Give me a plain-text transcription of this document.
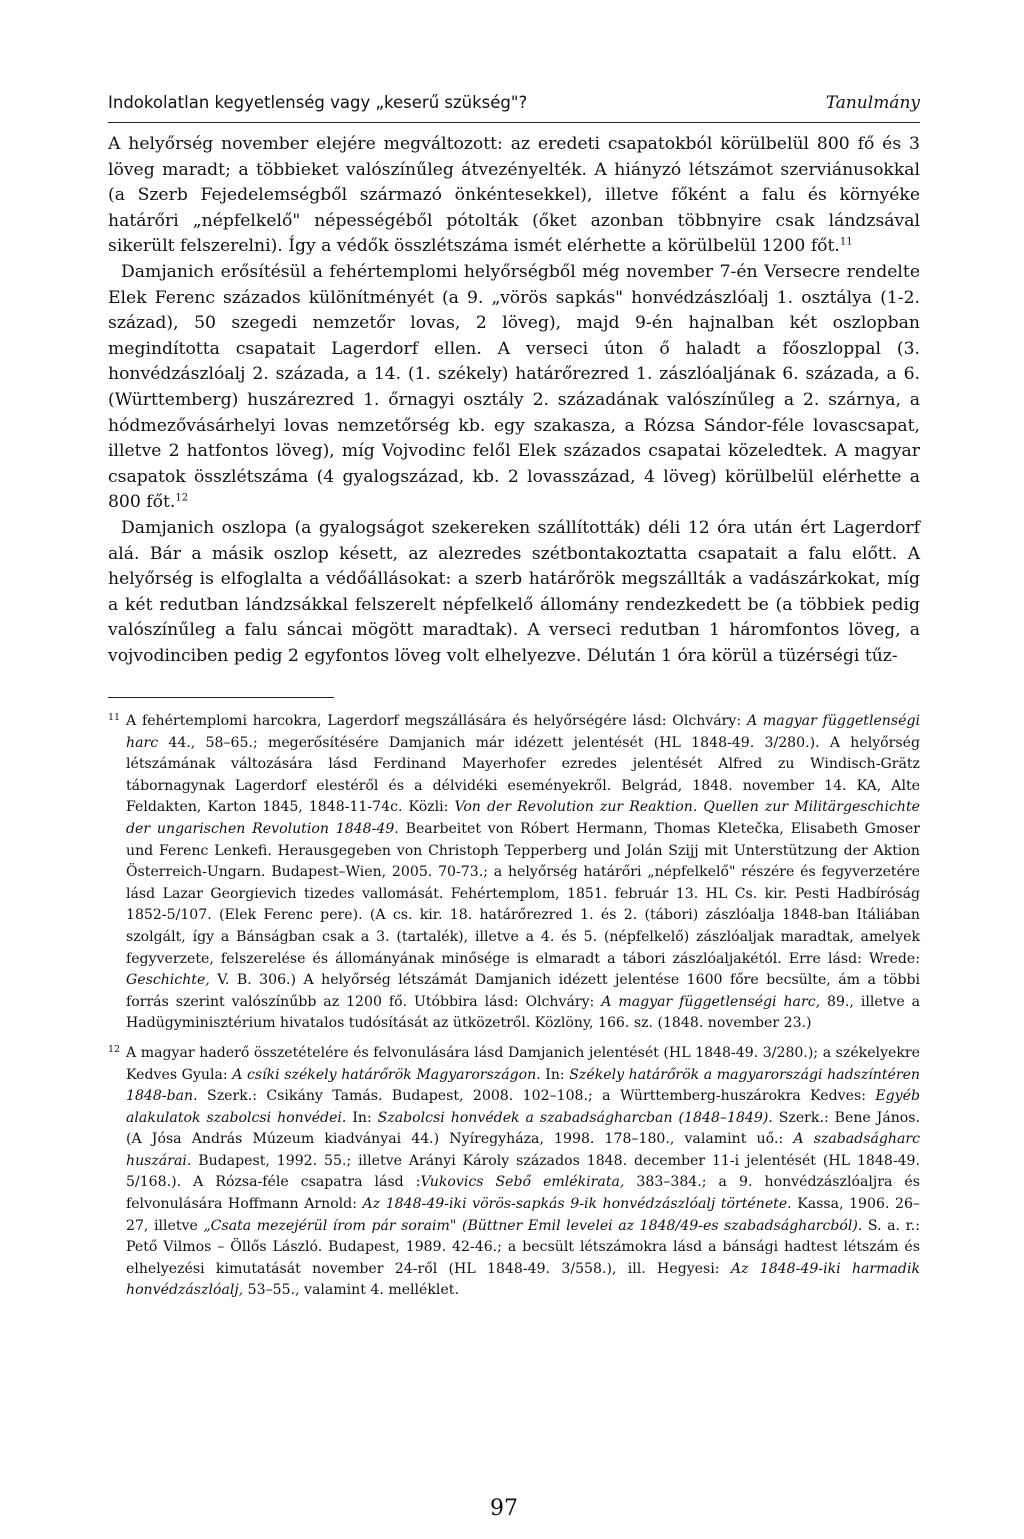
Indokolatlan kegyetlenség vagy „keserű szükség"?	Tanulmány

A helyőrség november elejére megváltozott: az eredeti csapatokból körülbelül 800 fő és 3 löveg maradt; a többieket valószínűleg átvezényelték. A hiányzó létszámot szerviánusokkal (a Szerb Fejedelemségből származó önkéntesekkel), illetve főként a falu és környéke határőri „népfelkelő" népességéből pótolták (őket azonban többnyire csak lándzsával sikerült felszerelni). Így a védők összlétszáma ismét elérhette a körülbelül 1200 főt.$^{11}$

Damjanich erősítésül a fehértemplomi helyőrségből még november 7-én Versecre rendelte Elek Ferenc százados különítményét (a 9. „vörös sapkás" honvédzászlóalj 1. osztálya (1-2. század), 50 szegedi nemzetőr lovas, 2 löveg), majd 9-én hajnalban két oszlopban megindította csapatait Lagerdorf ellen. A verseci úton ő haladt a főoszloppal (3. honvédzászlóalj 2. százada, a 14. (1. székely) határőrezred 1. zászlóaljának 6. százada, a 6. (Württemberg) huszárezred 1. őrnagyi osztály 2. századának valószínűleg a 2. szárnya, a hódmezővásárhelyi lovas nemzetőrség kb. egy szakasza, a Rózsa Sándor-féle lovascsapat, illetve 2 hatfontos löveg), míg Vojvodinc felől Elek százados csapatai közeledtek. A magyar csapatok összlétszáma (4 gyalogszázad, kb. 2 lovasszázad, 4 löveg) körülbelül elérhette a 800 főt.$^{12}$

Damjanich oszlopa (a gyalogságot szekereken szállították) déli 12 óra után ért Lagerdorf alá. Bár a másik oszlop késett, az alezredes szétbontakoztatta csapatait a falu előtt. A helyőrség is elfoglalta a védőállásokat: a szerb határőrök megszállták a vadászárkokat, míg a két redutban lándzsákkal felszerelt népfelkelő állomány rendezkedett be (a többiek pedig valószínűleg a falu sáncai mögött maradtak). A verseci redutban 1 háromfontos löveg, a vojvodinciben pedig 2 egyfontos löveg volt elhelyezve. Délután 1 óra körül a tüzérségi tűz-

11 A fehértemplomi harcokra, Lagerdorf megszállására és helyőrségére lásd: Olchváry: A magyar függetlenségi harc 44., 58–65.; megerősítésére Damjanich már idézett jelentését (HL 1848-49. 3/280.). A helyőrség létszámának változására lásd Ferdinand Mayerhofer ezredes jelentését Alfred zu Windisch-Grätz tábornagynak Lagerdorf elestéről és a délvidéki eseményekről. Belgrád, 1848. november 14. KA, Alte Feldakten, Karton 1845, 1848-11-74c. Közli: Von der Revolution zur Reaktion. Quellen zur Militärgeschichte der ungarischen Revolution 1848-49. Bearbeitet von Róbert Hermann, Thomas Kletečka, Elisabeth Gmoser und Ferenc Lenkefi. Herausgegeben von Christoph Tepperberg und Jolán Szijj mit Unterstützung der Aktion Österreich-Ungarn. Budapest–Wien, 2005. 70-73.; a helyőrség határőri „népfelkelő" részére és fegyverzetére lásd Lazar Georgievich tizedes vallomását. Fehértemplom, 1851. február 13. HL Cs. kir. Pesti Hadbíróság 1852-5/107. (Elek Ferenc pere). (A cs. kir. 18. határőrezred 1. és 2. (tábori) zászlóalja 1848-ban Itáliában szolgált, így a Bánságban csak a 3. (tartalék), illetve a 4. és 5. (népfelkelő) zászlóaljak maradtak, amelyek fegyverzete, felszerelése és állományának minősége is elmaradt a tábori zászlóaljakétól. Erre lásd: Wrede: Geschichte, V. B. 306.) A helyőrség létszámát Damjanich idézett jelentése 1600 főre becsülte, ám a többi forrás szerint valószínűbb az 1200 fő. Utóbbira lásd: Olchváry: A magyar függetlenségi harc, 89., illetve a Hadügyminisztérium hivatalos tudósítását az ütközetről. Közlöny, 166. sz. (1848. november 23.)
12 A magyar haderő összetételére és felvonulására lásd Damjanich jelentését (HL 1848-49. 3/280.); a székelyekre Kedves Gyula: A csíki székely határőrök Magyarországon. In: Székely határőrök a magyarországi hadszíntéren 1848-ban. Szerk.: Csikány Tamás. Budapest, 2008. 102–108.; a Württemberg-huszárokra Kedves: Egyéb alakulatok szabolcsi honvédei. In: Szabolcsi honvédek a szabadságharcban (1848–1849). Szerk.: Bene János. (A Jósa András Múzeum kiadványai 44.) Nyíregyháza, 1998. 178–180., valamint uő.: A szabadságharc huszárai. Budapest, 1992. 55.; illetve Arányi Károly százados 1848. december 11-i jelentését (HL 1848-49. 5/168.). A Rózsa-féle csapatra lásd :Vukovics Sebő emlékirata, 383–384.; a 9. honvédzászlóaljra és felvonulására Hoffmann Arnold: Az 1848-49-iki vörös-sapkás 9-ik honvédzászlóalj története. Kassa, 1906. 26–27, illetve „Csata mezejérül írom pár soraim" (Büttner Emil levelei az 1848/49-es szabadságharcból). S. a. r.: Pető Vilmos – Öllős László. Budapest, 1989. 42-46.; a becsült létszámokra lásd a bánsági hadtest létszám és elhelyezési kimutatását november 24-ről (HL 1848-49. 3/558.), ill. Hegyesi: Az 1848-49-iki harmadik honvédzászlóalj, 53–55., valamint 4. melléklet.
97
